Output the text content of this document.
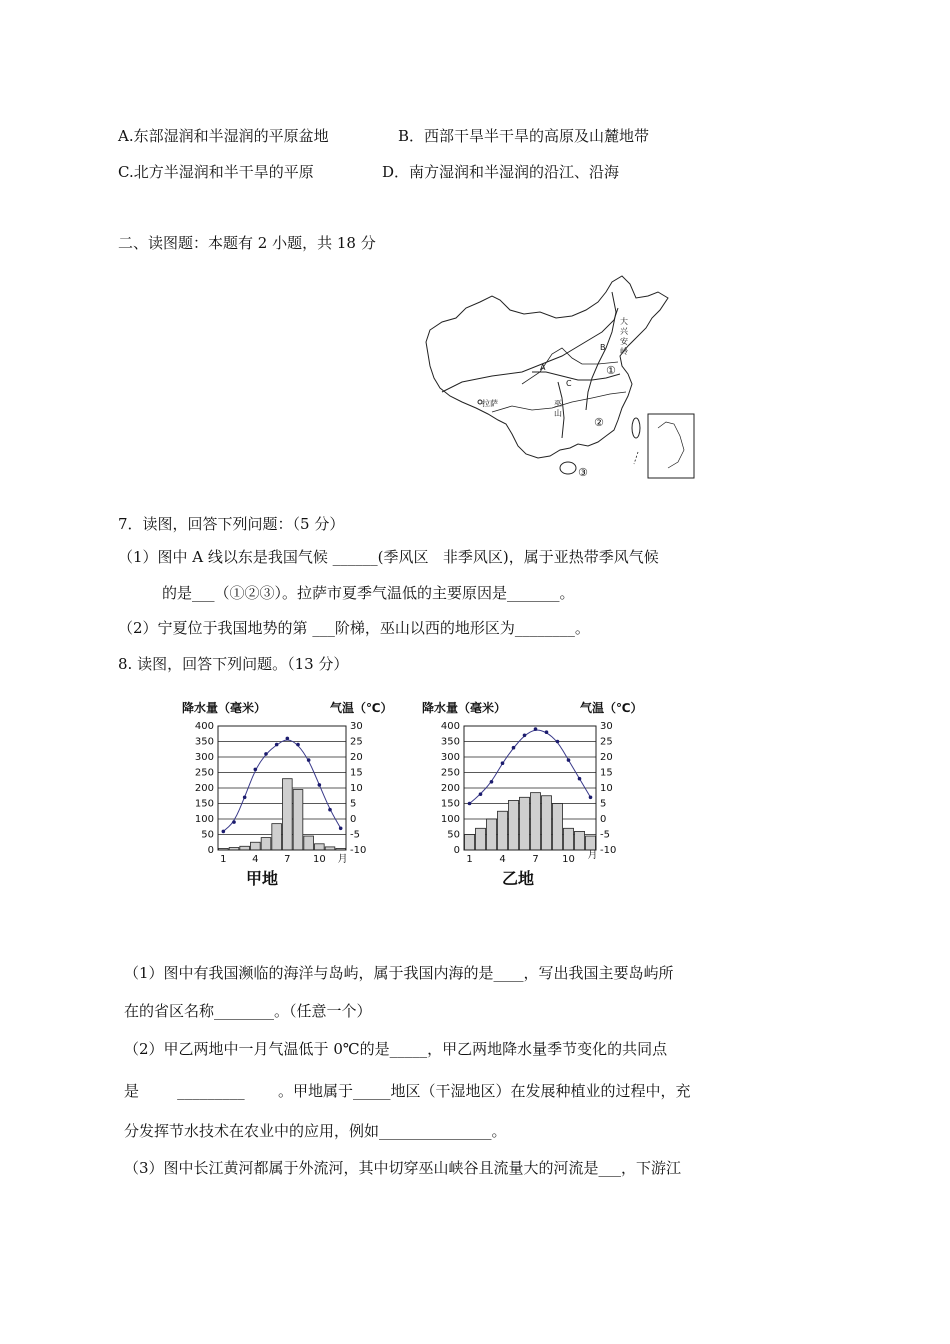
A.东部湿润和半湿润的平原盆地	B．西部干旱半干旱的高原及山麓地带
C.北方半湿润和半干旱的平原	D．南方湿润和半湿润的沿江、沿海
二、读图题：本题有 2 小题，共 18 分
大
兴
安
岭
A
B
C
拉萨	巫
山
①
②
③
7．读图，回答下列问题：（5 分）
（1）图中 A 线以东是我国气候 ______(季风区   非季风区)，属于亚热带季风气候
的是___（①②③）。拉萨市夏季气温低的主要原因是_______。
（2）宁夏位于我国地势的第 ___阶梯，巫山以西的地形区为________。
8. 读图，回答下列问题。（13 分）
降水量（毫米）	气温（℃）
400
350
300
250
200
150
100
50
0
30
25
20
15
10
5
0
-5
-10
1	4	7 10 月
甲地
降水量（毫米）	气温（℃）
400
350
300
250
200
150
100
50
0
30
25
20
15
10
5
0
-5
-10
1	4	7 10 月
乙地
（1）图中有我国濒临的海洋与岛屿，属于我国内海的是____，写出我国主要岛屿所
在的省区名称________。（任意一个）
（2）甲乙两地中一月气温低于 0℃的是_____，甲乙两地降水量季节变化的共同点
是        _________       。甲地属于_____地区（干湿地区）在发展种植业的过程中，充
分发挥节水技术在农业中的应用，例如_______________。
（3）图中长江黄河都属于外流河，其中切穿巫山峡谷且流量大的河流是___，下游江
